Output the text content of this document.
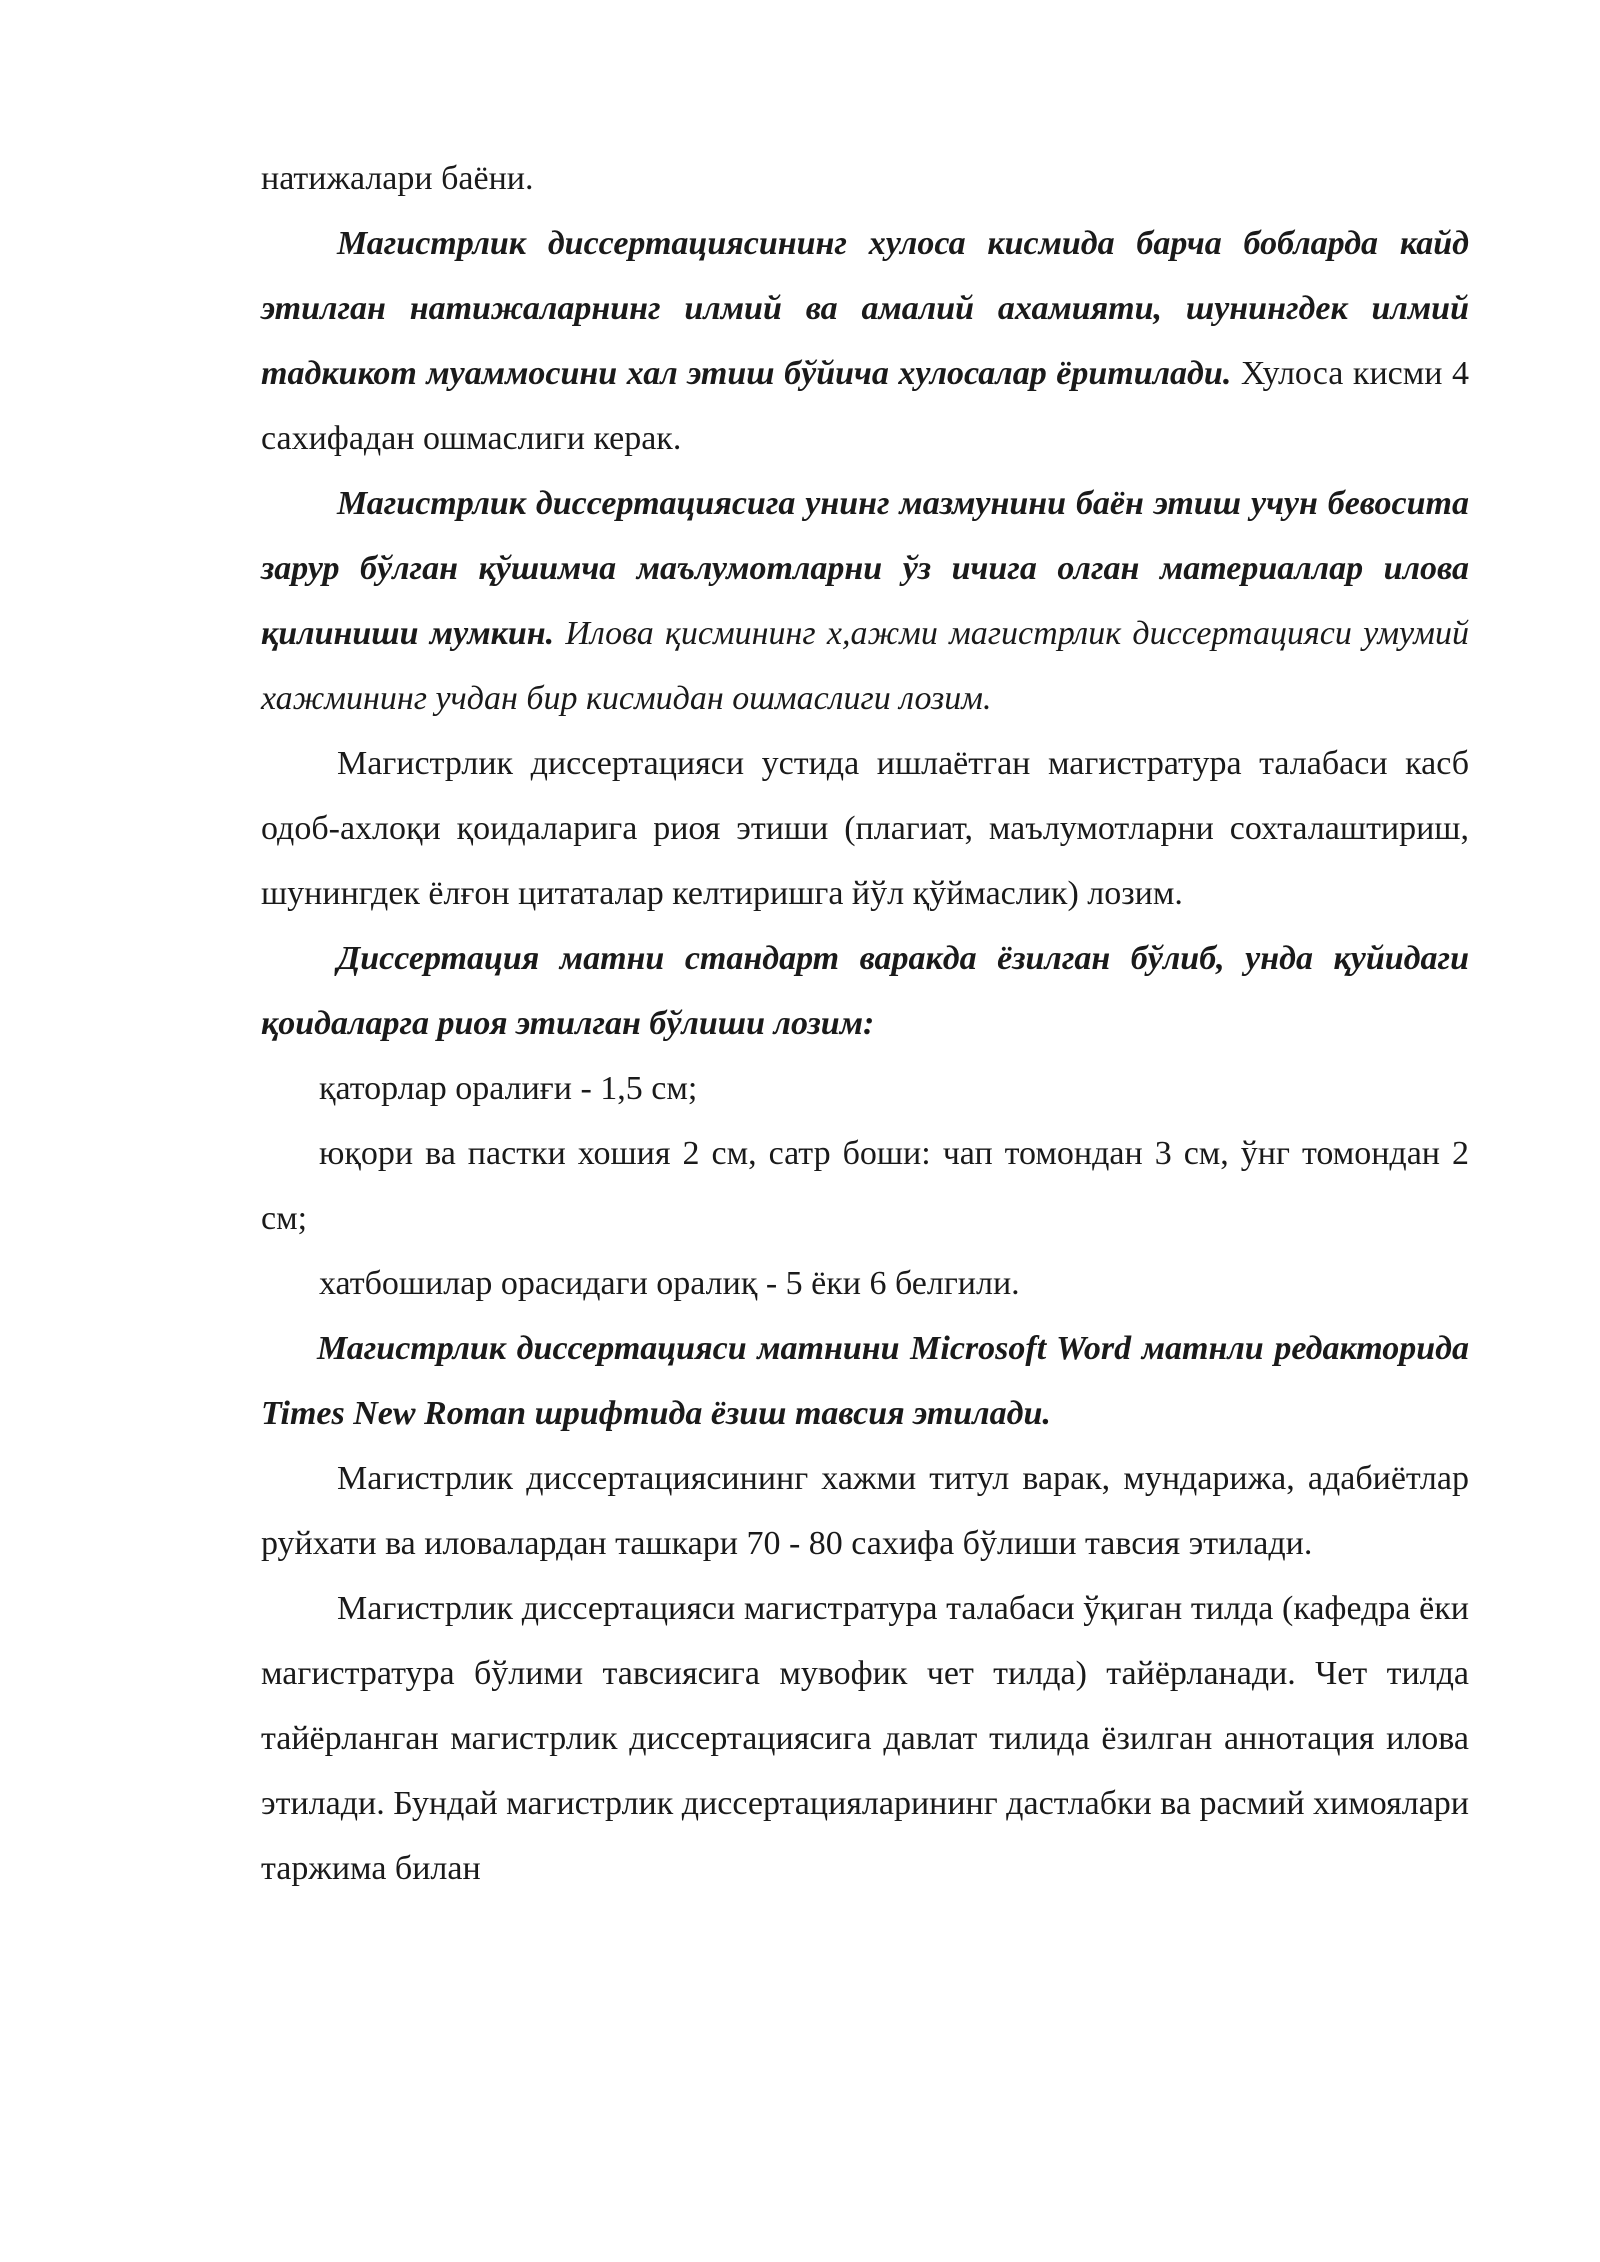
натижалари баёни.

Магистрлик диссертациясининг хулоса кисмида барча бобларда кайд этилган натижаларнинг илмий ва амалий ахамияти, шунингдек илмий тадкикот муаммосини хал этиш бўйича хулосалар ёритилади. Хулоса кисми 4 сахифадан ошмаслиги керак.

Магистрлик диссертациясига унинг мазмунини баён этиш учун бевосита зарур бўлган қўшимча маълумотларни ўз ичига олган материаллар илова қилиниши мумкин. Илова қисмининг х,ажми магистрлик диссертацияси умумий хажмининг учдан бир кисмидан ошмаслиги лозим.

Магистрлик диссертацияси устида ишлаётган магистратура талабаси касб одоб-ахлоқи қоидаларига риоя этиши (плагиат, маълумотларни сохталаштириш, шунингдек ёлғон цитаталар келтиришга йўл қўймаслик) лозим.

Диссертация матни стандарт варакда ёзилган бўлиб, унда қуйидаги қоидаларга риоя этилган бўлиши лозим:

қаторлар оралиғи - 1,5 см;

юқори ва пастки хошия 2 см, сатр боши: чап томондан 3 см, ўнг томондан 2 см;

хатбошилар орасидаги оралиқ - 5 ёки 6 белгили.

Магистрлик диссертацияси матнини Microsoft Word матнли редакторида Times New Roman шрифтида ёзиш тавсия этилади.

Магистрлик диссертациясининг хажми титул варак, мундарижа, адабиётлар руйхати ва иловалардан ташкари 70 - 80 сахифа бўлиши тавсия этилади.

Магистрлик диссертацияси магистратура талабаси ўқиган тилда (кафедра ёки магистратура бўлими тавсиясига мувофик чет тилда) тайёрланади. Чет тилда тайёрланган магистрлик диссертациясига давлат тилида ёзилган аннотация илова этилади. Бундай магистрлик диссертацияларининг дастлабки ва расмий химоялари таржима билан
